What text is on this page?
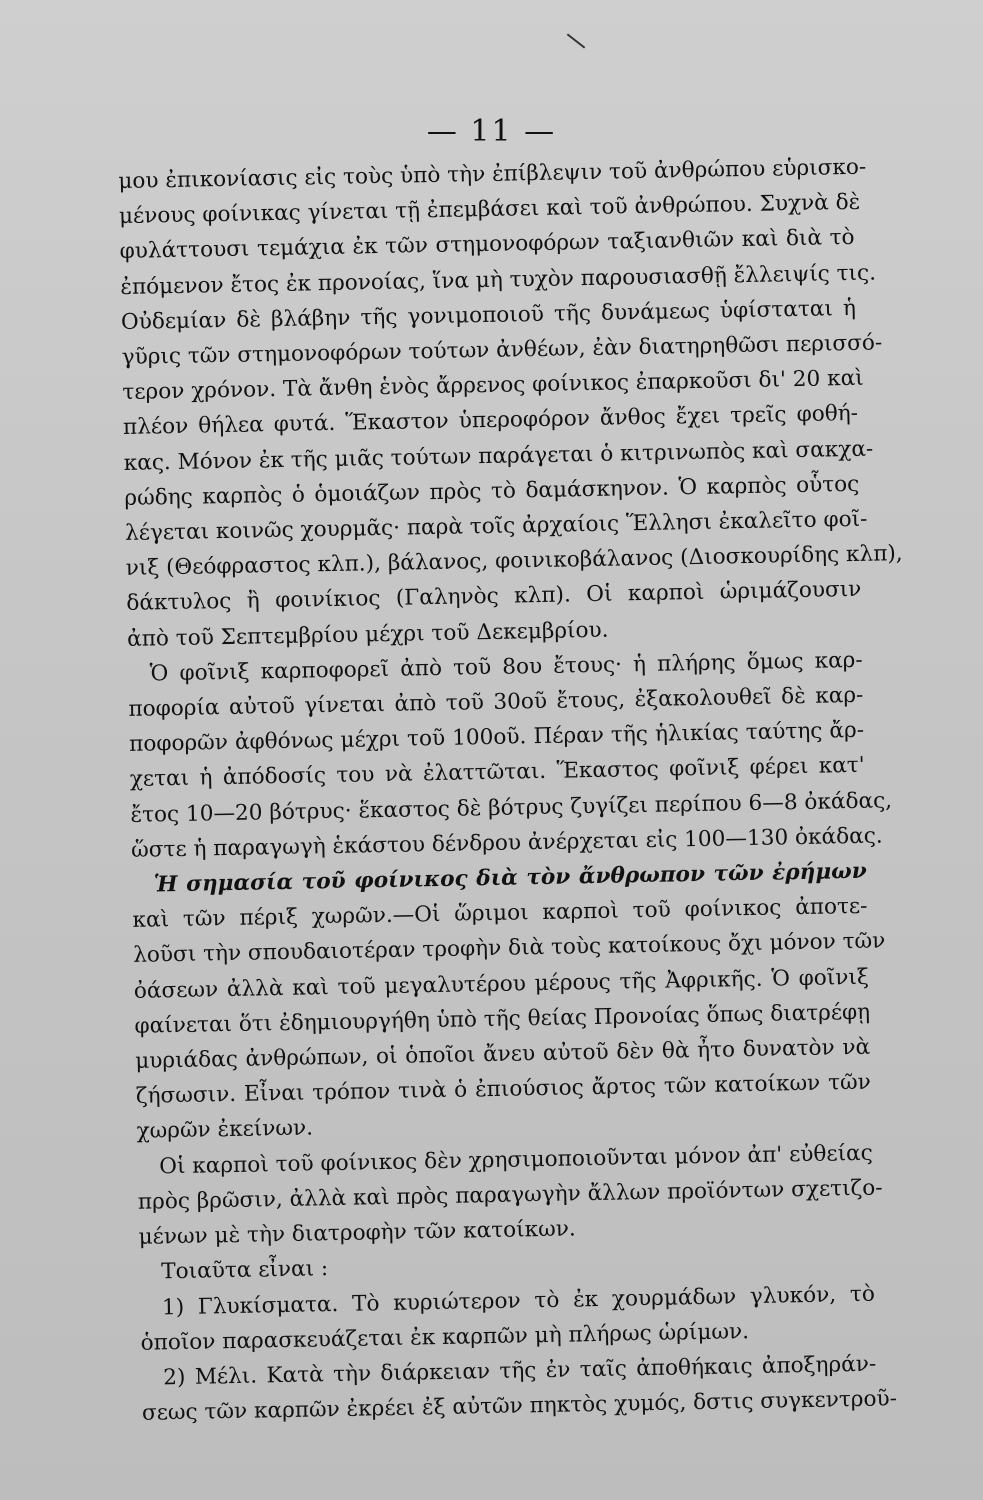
— 11 —
μου ἐπικονίασις εἰς τοὺς ὑπὸ τὴν ἐπίβλεψιν τοῦ ἀνθρώπου εὑρισκο-
μένους φοίνικας γίνεται τῇ ἐπεμβάσει καὶ τοῦ ἀνθρώπου. Συχνὰ δὲ
φυλάττουσι τεμάχια ἐκ τῶν στημονοφόρων ταξιανθιῶν καὶ διὰ τὸ
ἐπόμενον ἔτος ἐκ προνοίας, ἵνα μὴ τυχὸν παρουσιασθῇ ἔλλειψίς τις.
Οὐδεμίαν δὲ βλάβην τῆς γονιμοποιοῦ τῆς δυνάμεως ὑφίσταται ἡ
γῦρις τῶν στημονοφόρων τούτων ἀνθέων, ἐὰν διατηρηθῶσι περισσό-
τερον χρόνον. Τὰ ἄνθη ἑνὸς ἄρρενος φοίνικος ἐπαρκοῦσι δι' 20 καὶ
πλέον θήλεα φυτά. Ἕκαστον ὑπεροφόρον ἄνθος ἔχει τρεῖς φοθή-
κας. Μόνον ἐκ τῆς μιᾶς τούτων παράγεται ὁ κιτρινωπὸς καὶ σακχα-
ρώδης καρπὸς ὁ ὁμοιάζων πρὸς τὸ δαμάσκηνον. Ὁ καρπὸς οὗτος
λέγεται κοινῶς χουρμᾶς· παρὰ τοῖς ἀρχαίοις Ἕλλησι ἐκαλεῖτο φοῖ-
νιξ (Θεόφραστος κλπ.), βάλανος, φοινικοβάλανος (Διοσκουρίδης κλπ),
δάκτυλος ἢ φοινίκιος (Γαληνὸς κλπ). Οἱ καρποὶ ὡριμάζουσιν
ἀπὸ τοῦ Σεπτεμβρίου μέχρι τοῦ Δεκεμβρίου.
Ὁ φοῖνιξ καρποφορεῖ ἀπὸ τοῦ 8ου ἔτους· ἡ πλήρης ὅμως καρ-
ποφορία αὐτοῦ γίνεται ἀπὸ τοῦ 30οῦ ἔτους, ἐξακολουθεῖ δὲ καρ-
ποφορῶν ἀφθόνως μέχρι τοῦ 100οῦ. Πέραν τῆς ἡλικίας ταύτης ἄρ-
χεται ἡ ἀπόδοσίς του νὰ ἐλαττῶται. Ἕκαστος φοῖνιξ φέρει κατ'
ἔτος 10—20 βότρυς· ἕκαστος δὲ βότρυς ζυγίζει περίπου 6—8 ὀκάδας,
ὥστε ἡ παραγωγὴ ἑκάστου δένδρου ἀνέρχεται εἰς 100—130 ὀκάδας.
Ἡ σημασία τοῦ φοίνικος διὰ τὸν ἄνθρωπον τῶν ἐρήμων
καὶ τῶν πέριξ χωρῶν.—Οἱ ὥριμοι καρποὶ τοῦ φοίνικος ἀποτε-
λοῦσι τὴν σπουδαιοτέραν τροφὴν διὰ τοὺς κατοίκους ὄχι μόνον τῶν
ὀάσεων ἀλλὰ καὶ τοῦ μεγαλυτέρου μέρους τῆς Ἀφρικῆς. Ὁ φοῖνιξ
φαίνεται ὅτι ἐδημιουργήθη ὑπὸ τῆς θείας Προνοίας ὅπως διατρέφῃ
μυριάδας ἀνθρώπων, οἱ ὁποῖοι ἄνευ αὐτοῦ δὲν θὰ ἦτο δυνατὸν νὰ
ζήσωσιν. Εἶναι τρόπον τινὰ ὁ ἐπιούσιος ἄρτος τῶν κατοίκων τῶν
χωρῶν ἐκείνων.
Οἱ καρποὶ τοῦ φοίνικος δὲν χρησιμοποιοῦνται μόνον ἀπ' εὐθείας
πρὸς βρῶσιν, ἀλλὰ καὶ πρὸς παραγωγὴν ἄλλων προϊόντων σχετιζο-
μένων μὲ τὴν διατροφὴν τῶν κατοίκων.
Τοιαῦτα εἶναι :
1) Γλυκίσματα. Τὸ κυριώτερον τὸ ἐκ χουρμάδων γλυκόν, τὸ
ὁποῖον παρασκευάζεται ἐκ καρπῶν μὴ πλήρως ὡρίμων.
2) Μέλι. Κατὰ τὴν διάρκειαν τῆς ἐν ταῖς ἀποθήκαις ἀποξηράν-
σεως τῶν καρπῶν ἐκρέει ἐξ αὐτῶν πηκτὸς χυμός, δστις συγκεντροῦ-
